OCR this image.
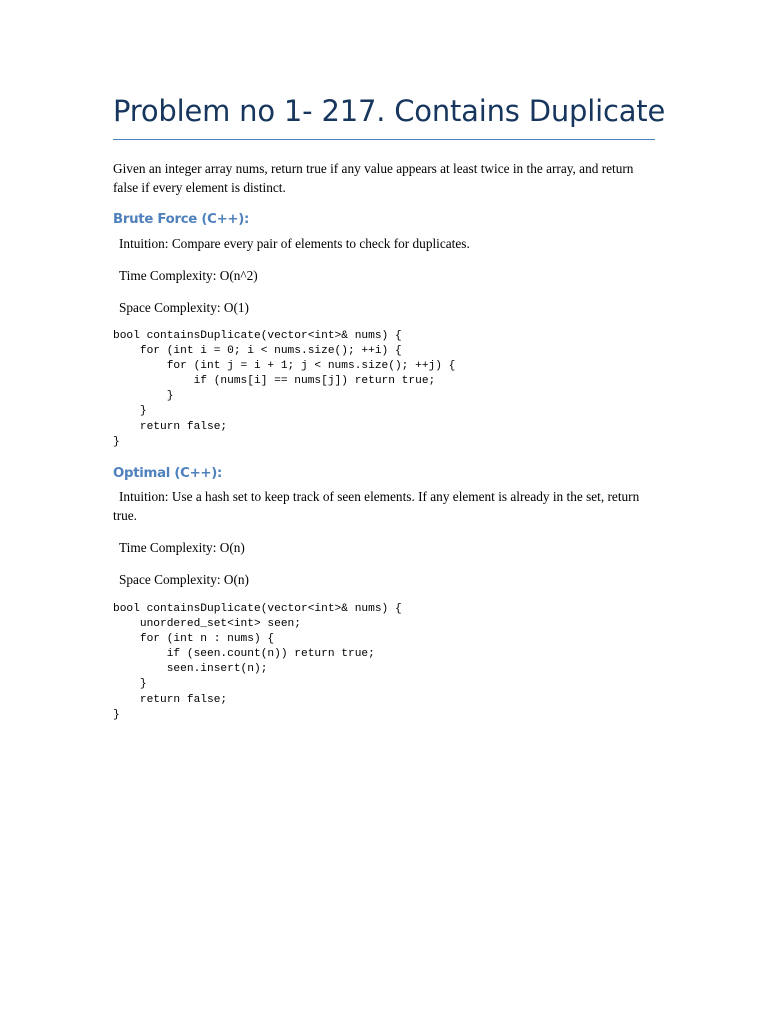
Problem no 1- 217. Contains Duplicate

Given an integer array nums, return true if any value appears at least twice in the array, and return false if every element is distinct.

Brute Force (C++):

Intuition: Compare every pair of elements to check for duplicates.

Time Complexity: O(n^2)

Space Complexity: O(1)

bool containsDuplicate(vector<int>& nums) {
for (int i = 0; i < nums.size(); ++i) {
for (int j = i + 1; j < nums.size(); ++j) {
if (nums[i] == nums[j]) return true;
}
}
return false;
}
Optimal (C++):

Intuition: Use a hash set to keep track of seen elements. If any element is already in the set, return true.

Time Complexity: O(n)

Space Complexity: O(n)

bool containsDuplicate(vector<int>& nums) {
unordered_set<int> seen;
for (int n : nums) {
if (seen.count(n)) return true;
seen.insert(n);
}
return false;
}
